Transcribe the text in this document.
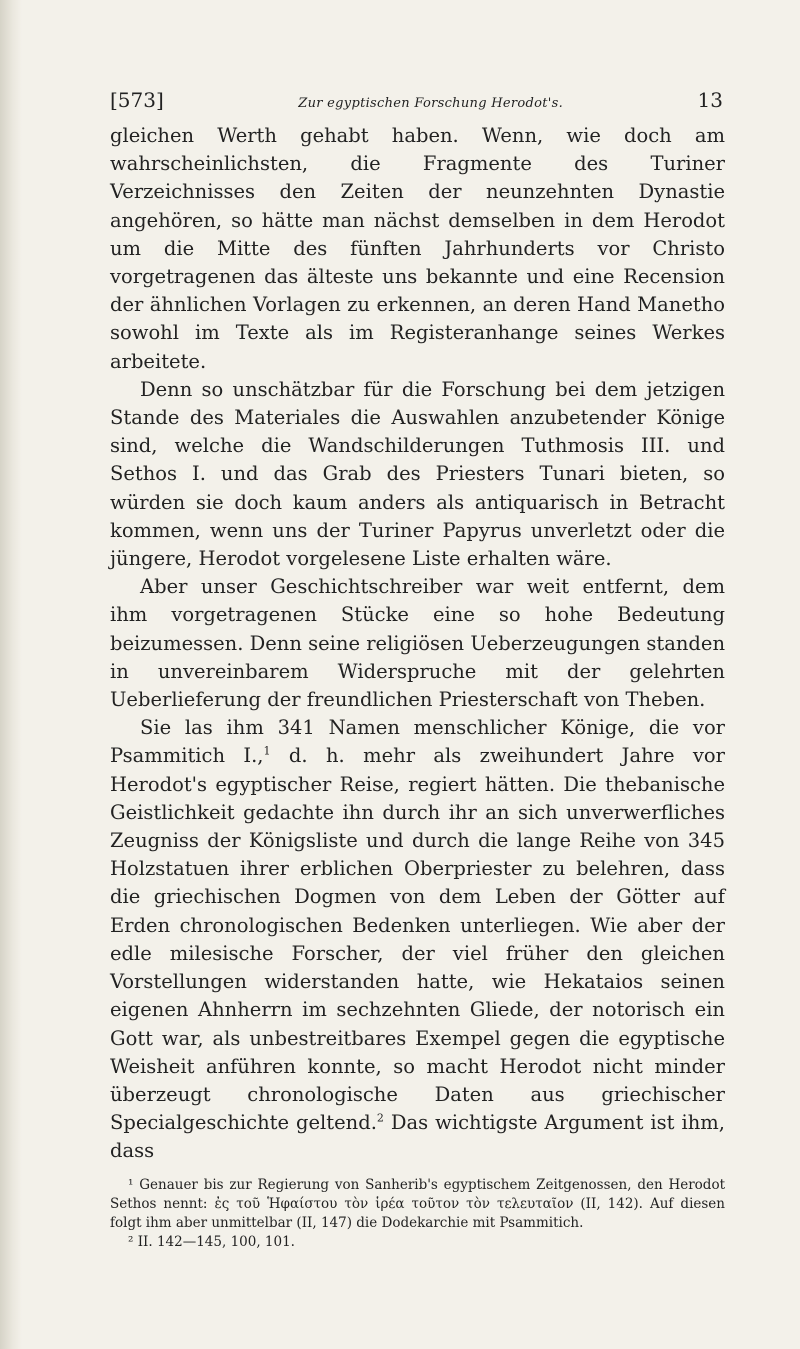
[573]	Zur egyptischen Forschung Herodot's.	13

gleichen Werth gehabt haben. Wenn, wie doch am wahrscheinlichsten, die Fragmente des Turiner Verzeichnisses den Zeiten der neunzehnten Dynastie angehören, so hätte man nächst demselben in dem Herodot um die Mitte des fünften Jahrhunderts vor Christo vorgetragenen das älteste uns bekannte und eine Recension der ähnlichen Vorlagen zu erkennen, an deren Hand Manetho sowohl im Texte als im Registeranhange seines Werkes arbeitete.

Denn so unschätzbar für die Forschung bei dem jetzigen Stande des Materiales die Auswahlen anzubetender Könige sind, welche die Wandschilderungen Tuthmosis III. und Sethos I. und das Grab des Priesters Tunari bieten, so würden sie doch kaum anders als antiquarisch in Betracht kommen, wenn uns der Turiner Papyrus unverletzt oder die jüngere, Herodot vorgelesene Liste erhalten wäre.

Aber unser Geschichtschreiber war weit entfernt, dem ihm vorgetragenen Stücke eine so hohe Bedeutung beizumessen. Denn seine religiösen Ueberzeugungen standen in unvereinbarem Widerspruche mit der gelehrten Ueberlieferung der freundlichen Priesterschaft von Theben.

Sie las ihm 341 Namen menschlicher Könige, die vor Psammitich I.,$^1$ d. h. mehr als zweihundert Jahre vor Herodot's egyptischer Reise, regiert hätten. Die thebanische Geistlichkeit gedachte ihn durch ihr an sich unverwerfliches Zeugniss der Königsliste und durch die lange Reihe von 345 Holzstatuen ihrer erblichen Oberpriester zu belehren, dass die griechischen Dogmen von dem Leben der Götter auf Erden chronologischen Bedenken unterliegen. Wie aber der edle milesische Forscher, der viel früher den gleichen Vorstellungen widerstanden hatte, wie Hekataios seinen eigenen Ahnherrn im sechzehnten Gliede, der notorisch ein Gott war, als unbestreitbares Exempel gegen die egyptische Weisheit anführen konnte, so macht Herodot nicht minder überzeugt chronologische Daten aus griechischer Specialgeschichte geltend.$^2$ Das wichtigste Argument ist ihm, dass

¹ Genauer bis zur Regierung von Sanherib's egyptischem Zeitgenossen, den Herodot Sethos nennt: ἐς τοῦ Ἡφαίστου τὸν ἱρέα τοῦτον τὸν τελευταῖον (II, 142). Auf diesen folgt ihm aber unmittelbar (II, 147) die Dodekarchie mit Psammitich.

² II. 142—145, 100, 101.
